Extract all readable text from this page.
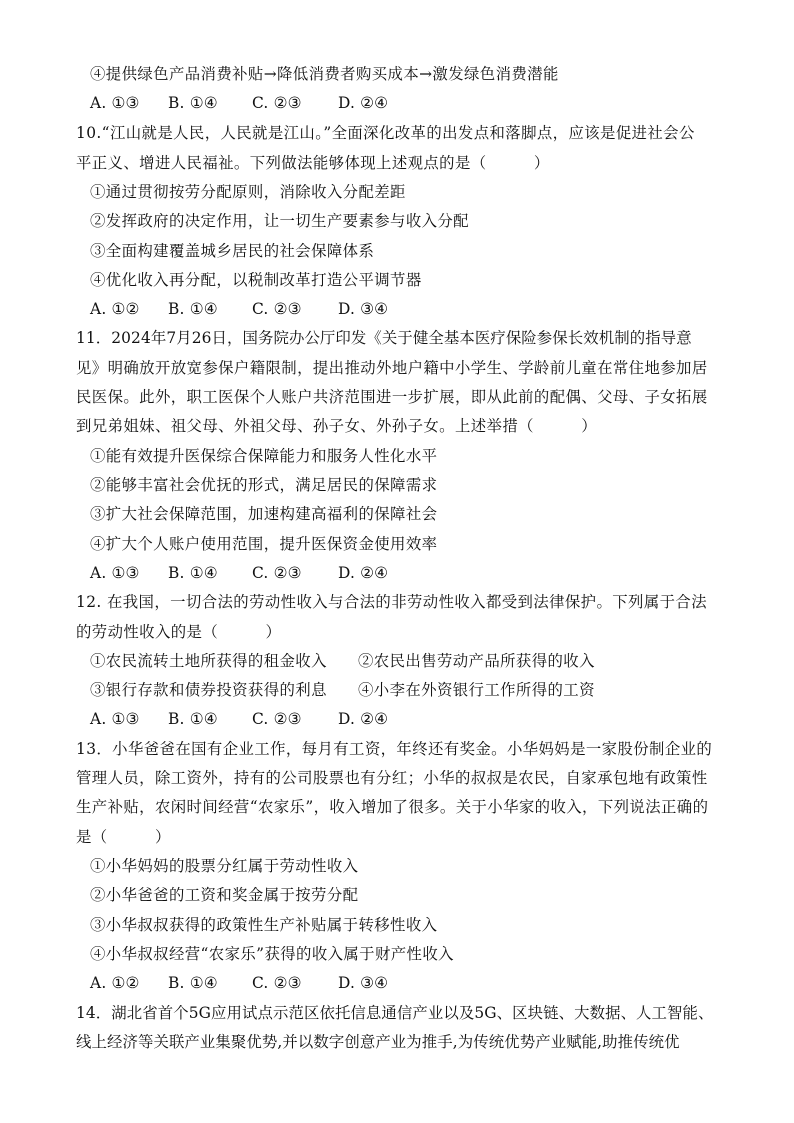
④提供绿色产品消费补贴→降低消费者购买成本→激发绿色消费潜能
A. ①③ B. ①④ C. ②③ D. ②④
10.“江山就是人民，人民就是江山。”全面深化改革的出发点和落脚点，应该是促进社会公
平正义、增进人民福祉。下列做法能够体现上述观点的是（　　　）
①通过贯彻按劳分配原则，消除收入分配差距
②发挥政府的决定作用，让一切生产要素参与收入分配
③全面构建覆盖城乡居民的社会保障体系
④优化收入再分配，以税制改革打造公平调节器
A. ①② B. ①④ C. ②③ D. ③④
11．2024年7月26日，国务院办公厅印发《关于健全基本医疗保险参保长效机制的指导意
见》明确放开放宽参保户籍限制，提出推动外地户籍中小学生、学龄前儿童在常住地参加居
民医保。此外，职工医保个人账户共济范围进一步扩展，即从此前的配偶、父母、子女拓展
到兄弟姐妹、祖父母、外祖父母、孙子女、外孙子女。上述举措（　　　）
①能有效提升医保综合保障能力和服务人性化水平
②能够丰富社会优抚的形式，满足居民的保障需求
③扩大社会保障范围，加速构建高福利的保障社会
④扩大个人账户使用范围，提升医保资金使用效率
A. ①③ B. ①④ C. ②③ D. ②④
12. 在我国，一切合法的劳动性收入与合法的非劳动性收入都受到法律保护。下列属于合法
的劳动性收入的是（　　　）
①农民流转土地所获得的租金收入 ②农民出售劳动产品所获得的收入
③银行存款和债券投资获得的利息 ④小李在外资银行工作所得的工资
A. ①③ B. ①④ C. ②③ D. ②④
13．小华爸爸在国有企业工作，每月有工资，年终还有奖金。小华妈妈是一家股份制企业的
管理人员，除工资外，持有的公司股票也有分红；小华的叔叔是农民，自家承包地有政策性
生产补贴，农闲时间经营“农家乐”，收入增加了很多。关于小华家的收入，下列说法正确的
是（　　　）
①小华妈妈的股票分红属于劳动性收入
②小华爸爸的工资和奖金属于按劳分配
③小华叔叔获得的政策性生产补贴属于转移性收入
④小华叔叔经营“农家乐”获得的收入属于财产性收入
A. ①② B. ①④ C. ②③ D. ③④
14．湖北省首个5G应用试点示范区依托信息通信产业以及5G、区块链、大数据、人工智能、
线上经济等关联产业集聚优势,并以数字创意产业为推手,为传统优势产业赋能,助推传统优
